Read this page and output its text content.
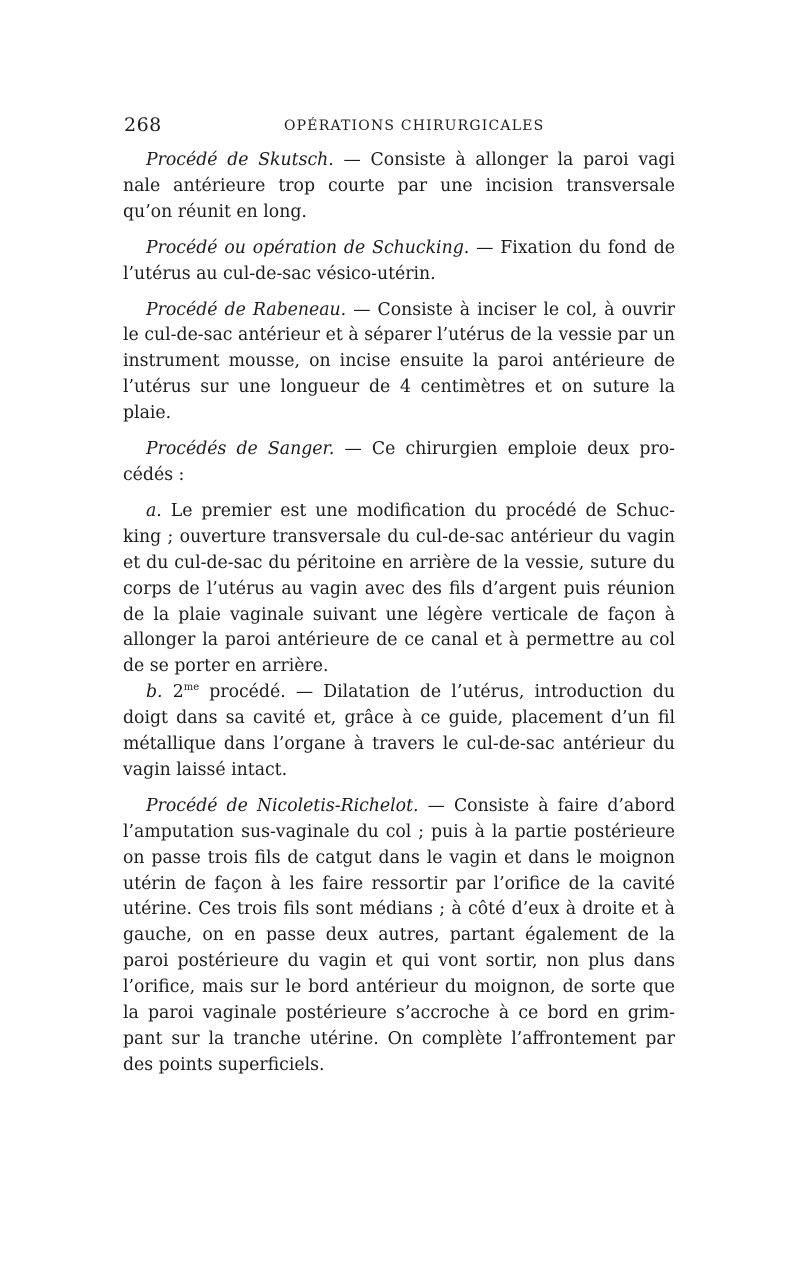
268	OPÉRATIONS CHIRURGICALES

Procédé de Skutsch. — Consiste à allonger la paroi vagi nale antérieure trop courte par une incision transversale qu’on réunit en long.

Procédé ou opération de Schucking. — Fixation du fond de l’utérus au cul-de-sac vésico-utérin.

Procédé de Rabeneau. — Consiste à inciser le col, à ouvrir le cul-de-sac antérieur et à séparer l’utérus de la vessie par un instrument mousse, on incise ensuite la paroi antérieure de l’utérus sur une longueur de 4 centimètres et on suture la plaie.

Procédés de Sanger. — Ce chirurgien emploie deux procédés :

a. Le premier est une modification du procédé de Schucking ; ouverture transversale du cul-de-sac antérieur du vagin et du cul-de-sac du péritoine en arrière de la vessie, suture du corps de l’utérus au vagin avec des fils d’argent puis réunion de la plaie vaginale suivant une légère verticale de façon à allonger la paroi antérieure de ce canal et à permettre au col de se porter en arrière.

b. $2^{me}$ procédé. — Dilatation de l’utérus, introduction du doigt dans sa cavité et, grâce à ce guide, placement d’un fil métallique dans l’organe à travers le cul-de-sac antérieur du vagin laissé intact.

Procédé de Nicoletis-Richelot. — Consiste à faire d’abord l’amputation sus-vaginale du col ; puis à la partie postérieure on passe trois fils de catgut dans le vagin et dans le moignon utérin de façon à les faire ressortir par l’orifice de la cavité utérine. Ces trois fils sont médians ; à côté d’eux à droite et à gauche, on en passe deux autres, partant également de la paroi postérieure du vagin et qui vont sortir, non plus dans l’orifice, mais sur le bord antérieur du moignon, de sorte que la paroi vaginale postérieure s’accroche à ce bord en grimpant sur la tranche utérine. On complète l’affrontement par des points superficiels.
